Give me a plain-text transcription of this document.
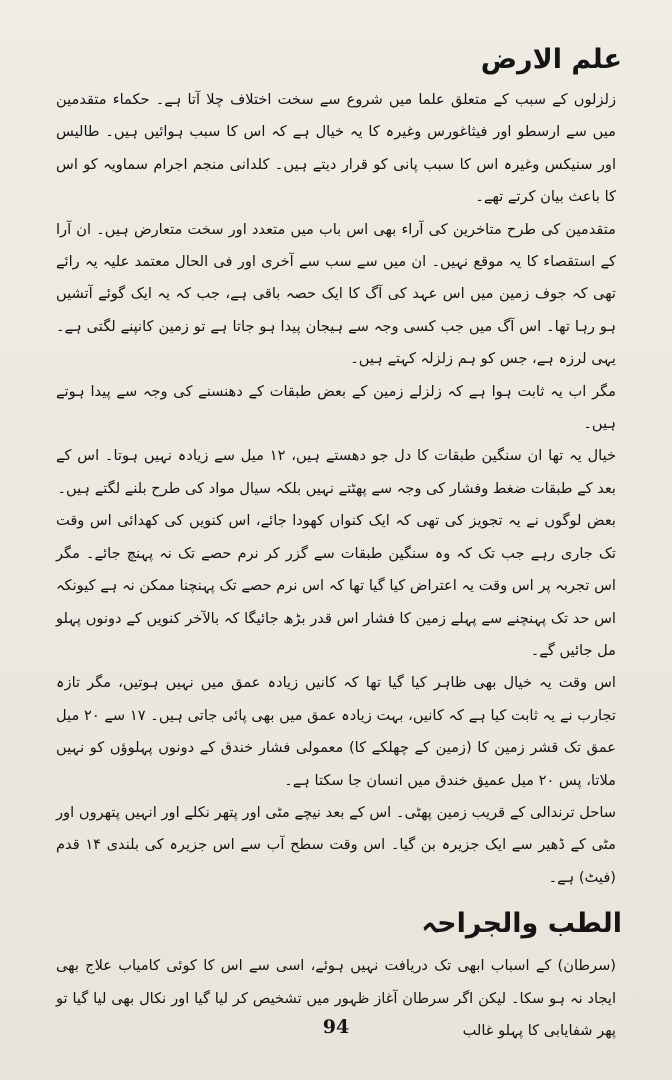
علم الارض

زلزلوں کے سبب کے متعلق علما میں شروع سے سخت اختلاف چلا آتا ہے۔ حکماء متقدمین میں سے ارسطو اور فیثاغورس وغیرہ کا یہ خیال ہے کہ اس کا سبب ہوائیں ہیں۔ طالیس اور سنیکس وغیرہ اس کا سبب پانی کو قرار دیتے ہیں۔ کلدانی منجم اجرام سماویہ کو اس کا باعث بیان کرتے تھے۔

متقدمین کی طرح متاخرین کی آراء بھی اس باب میں متعدد اور سخت متعارض ہیں۔ ان آرا کے استقصاء کا یہ موقع نہیں۔ ان میں سے سب سے آخری اور فی الحال معتمد علیہ یہ رائے تھی کہ جوف زمین میں اس عہد کی آگ کا ایک حصہ باقی ہے، جب کہ یہ ایک گوئے آتشیں ہو رہا تھا۔ اس آگ میں جب کسی وجہ سے ہیجان پیدا ہو جاتا ہے تو زمین کانپنے لگتی ہے۔ یہی لرزہ ہے، جس کو ہم زلزلہ کہتے ہیں۔

مگر اب یہ ثابت ہوا ہے کہ زلزلے زمین کے بعض طبقات کے دھنسنے کی وجہ سے پیدا ہوتے ہیں۔

خیال یہ تھا ان سنگین طبقات کا دل جو دھستے ہیں، ۱۲ میل سے زیادہ نہیں ہوتا۔ اس کے بعد کے طبقات ضغط وفشار کی وجہ سے پھٹتے نہیں بلکہ سیال مواد کی طرح بلنے لگتے ہیں۔

بعض لوگوں نے یہ تجویز کی تھی کہ ایک کنواں کھودا جائے، اس کنویں کی کھدائی اس وقت تک جاری رہے جب تک کہ وہ سنگین طبقات سے گزر کر نرم حصے تک نہ پہنچ جائے۔ مگر اس تجربہ پر اس وقت یہ اعتراض کیا گیا تھا کہ اس نرم حصے تک پہنچنا ممکن نہ ہے کیونکہ اس حد تک پہنچنے سے پہلے زمین کا فشار اس قدر بڑھ جائیگا کہ بالآخر کنویں کے دونوں پہلو مل جائیں گے۔

اس وقت یہ خیال بھی ظاہر کیا گیا تھا کہ کانیں زیادہ عمق میں نہیں ہوتیں، مگر تازہ تجارب نے یہ ثابت کیا ہے کہ کانیں، بہت زیادہ عمق میں بھی پائی جاتی ہیں۔ ۱۷ سے ۲۰ میل عمق تک قشر زمین کا (زمین کے چھلکے کا) معمولی فشار خندق کے دونوں پہلوؤں کو نہیں ملاتا، پس ۲۰ میل عمیق خندق میں انسان جا سکتا ہے۔

ساحل ترندالی کے قریب زمین پھٹی۔ اس کے بعد نیچے مٹی اور پتھر نکلے اور انہیں پتھروں اور مٹی کے ڈھیر سے ایک جزیرہ بن گیا۔ اس وقت سطح آب سے اس جزیرہ کی بلندی ۱۴ قدم (فیٹ) ہے۔

الطب والجراحہ

(سرطان) کے اسباب ابھی تک دریافت نہیں ہوئے، اسی سے اس کا کوئی کامیاب علاج بھی ایجاد نہ ہو سکا۔ لیکن اگر سرطان آغاز ظہور میں تشخیص کر لیا گیا اور نکال بھی لیا گیا تو پھر شفایابی کا پہلو غالب

94
